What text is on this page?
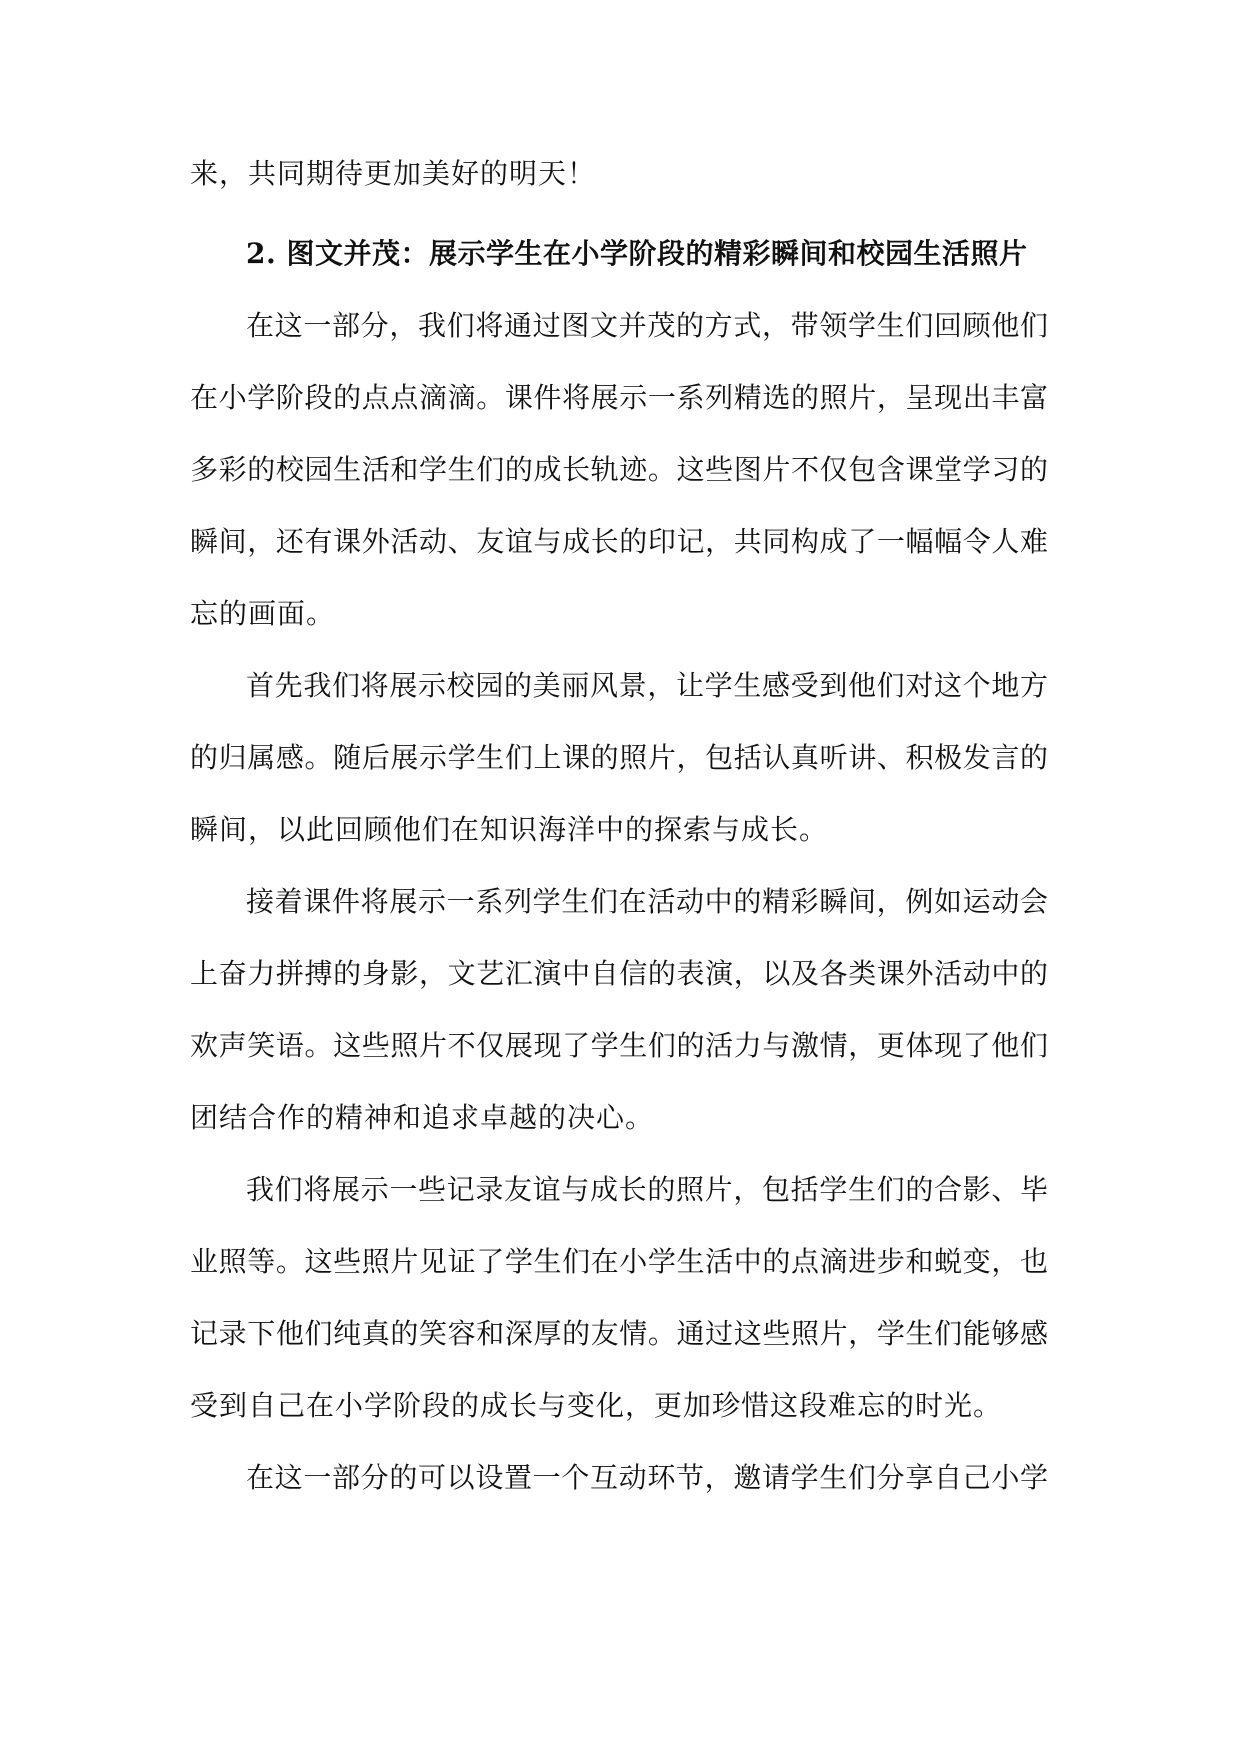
来，共同期待更加美好的明天！
2. 图文并茂：展示学生在小学阶段的精彩瞬间和校园生活照片
在这一部分，我们将通过图文并茂的方式，带领学生们回顾他们
在小学阶段的点点滴滴。课件将展示一系列精选的照片，呈现出丰富
多彩的校园生活和学生们的成长轨迹。这些图片不仅包含课堂学习的
瞬间，还有课外活动、友谊与成长的印记，共同构成了一幅幅令人难
忘的画面。
首先我们将展示校园的美丽风景，让学生感受到他们对这个地方
的归属感。随后展示学生们上课的照片，包括认真听讲、积极发言的
瞬间，以此回顾他们在知识海洋中的探索与成长。
接着课件将展示一系列学生们在活动中的精彩瞬间，例如运动会
上奋力拼搏的身影，文艺汇演中自信的表演，以及各类课外活动中的
欢声笑语。这些照片不仅展现了学生们的活力与激情，更体现了他们
团结合作的精神和追求卓越的决心。
我们将展示一些记录友谊与成长的照片，包括学生们的合影、毕
业照等。这些照片见证了学生们在小学生活中的点滴进步和蜕变，也
记录下他们纯真的笑容和深厚的友情。通过这些照片，学生们能够感
受到自己在小学阶段的成长与变化，更加珍惜这段难忘的时光。
在这一部分的可以设置一个互动环节，邀请学生们分享自己小学
